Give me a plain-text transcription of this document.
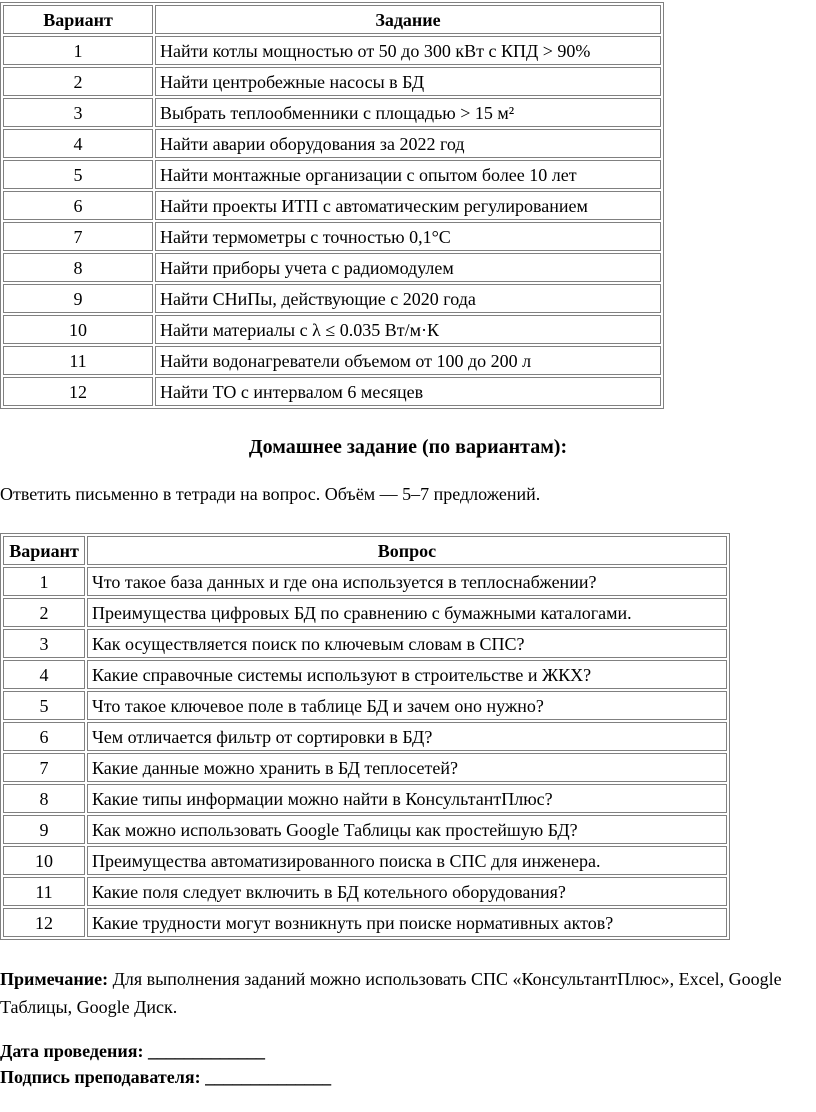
Вариант	Задание
1	Найти котлы мощностью от 50 до 300 кВт с КПД > 90%
2	Найти центробежные насосы в БД
3	Выбрать теплообменники с площадью > 15 м²
4	Найти аварии оборудования за 2022 год
5	Найти монтажные организации с опытом более 10 лет
6	Найти проекты ИТП с автоматическим регулированием
7	Найти термометры с точностью 0,1°C
8	Найти приборы учета с радиомодулем
9	Найти СНиПы, действующие с 2020 года
10	Найти материалы с λ ≤ 0.035 Вт/м·К
11	Найти водонагреватели объемом от 100 до 200 л
12	Найти ТО с интервалом 6 месяцев
Домашнее задание (по вариантам):
Ответить письменно в тетради на вопрос. Объём — 5–7 предложений.
Вариант	Вопрос
1	Что такое база данных и где она используется в теплоснабжении?
2	Преимущества цифровых БД по сравнению с бумажными каталогами.
3	Как осуществляется поиск по ключевым словам в СПС?
4	Какие справочные системы используют в строительстве и ЖКХ?
5	Что такое ключевое поле в таблице БД и зачем оно нужно?
6	Чем отличается фильтр от сортировки в БД?
7	Какие данные можно хранить в БД теплосетей?
8	Какие типы информации можно найти в КонсультантПлюс?
9	Как можно использовать Google Таблицы как простейшую БД?
10	Преимущества автоматизированного поиска в СПС для инженера.
11	Какие поля следует включить в БД котельного оборудования?
12	Какие трудности могут возникнуть при поиске нормативных актов?
Примечание: Для выполнения заданий можно использовать СПС «КонсультантПлюс», Excel, Google Таблицы, Google Диск.
Дата проведения: _____________
Подпись преподавателя: ______________
